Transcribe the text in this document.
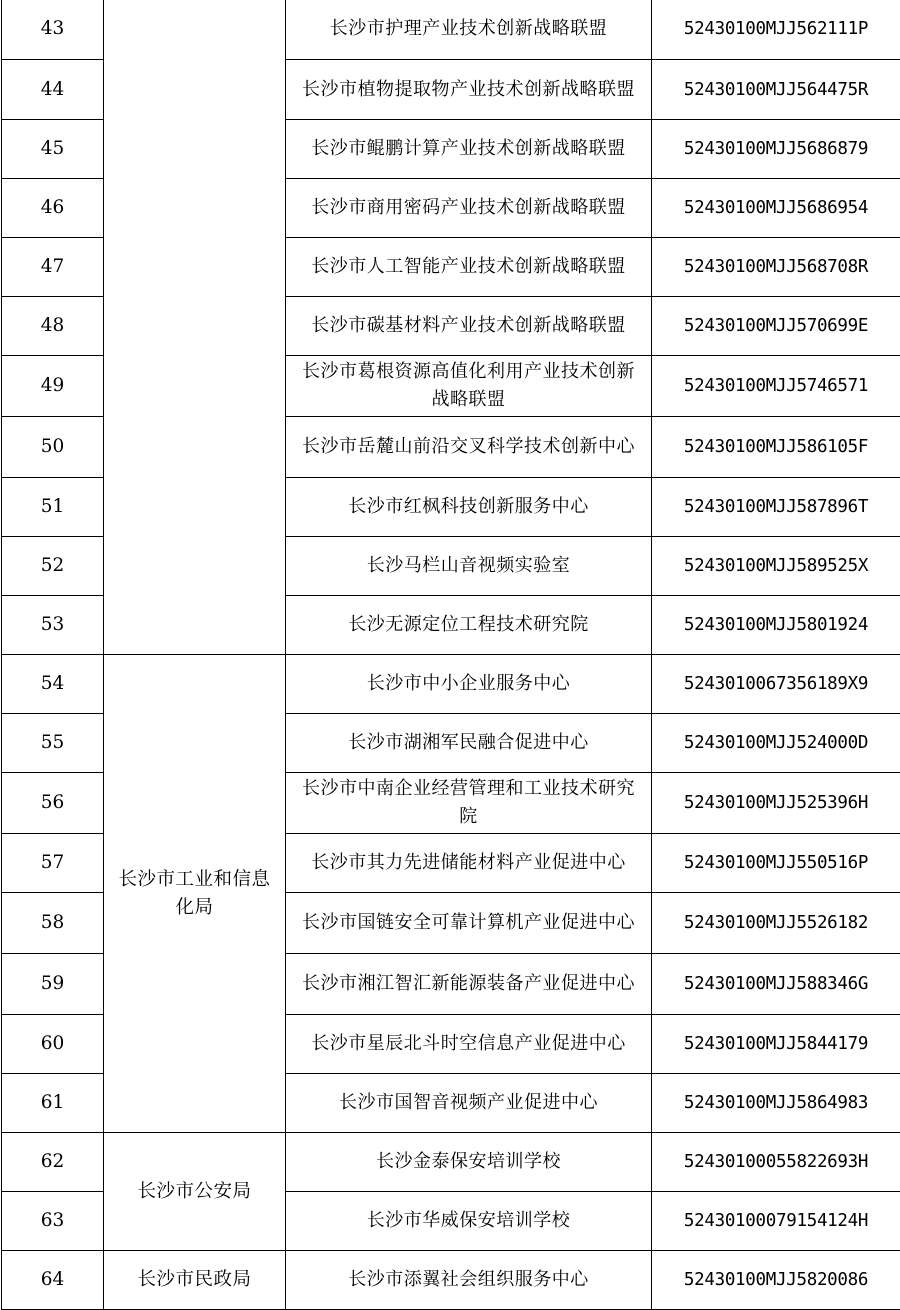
43		长沙市护理产业技术创新战略联盟	52430100MJJ562111P
44		长沙市植物提取物产业技术创新战略联盟	52430100MJJ564475R
45		长沙市鲲鹏计算产业技术创新战略联盟	52430100MJJ5686879
46		长沙市商用密码产业技术创新战略联盟	52430100MJJ5686954
47		长沙市人工智能产业技术创新战略联盟	52430100MJJ568708R
48		长沙市碳基材料产业技术创新战略联盟	52430100MJJ570699E
49		长沙市葛根资源高值化利用产业技术创新战略联盟	52430100MJJ5746571
50		长沙市岳麓山前沿交叉科学技术创新中心	52430100MJJ586105F
51		长沙市红枫科技创新服务中心	52430100MJJ587896T
52		长沙马栏山音视频实验室	52430100MJJ589525X
53		长沙无源定位工程技术研究院	52430100MJJ5801924
54	长沙市工业和信息化局	长沙市中小企业服务中心	5243010067356189X9
55		长沙市湖湘军民融合促进中心	52430100MJJ524000D
56		长沙市中南企业经营管理和工业技术研究院	52430100MJJ525396H
57		长沙市其力先进储能材料产业促进中心	52430100MJJ550516P
58		长沙市国链安全可靠计算机产业促进中心	52430100MJJ5526182
59		长沙市湘江智汇新能源装备产业促进中心	52430100MJJ588346G
60		长沙市星辰北斗时空信息产业促进中心	52430100MJJ5844179
61		长沙市国智音视频产业促进中心	52430100MJJ5864983
62	长沙市公安局	长沙金泰保安培训学校	52430100055822693H
63		长沙市华威保安培训学校	52430100079154124H
64	长沙市民政局	长沙市添翼社会组织服务中心	52430100MJJ5820086
